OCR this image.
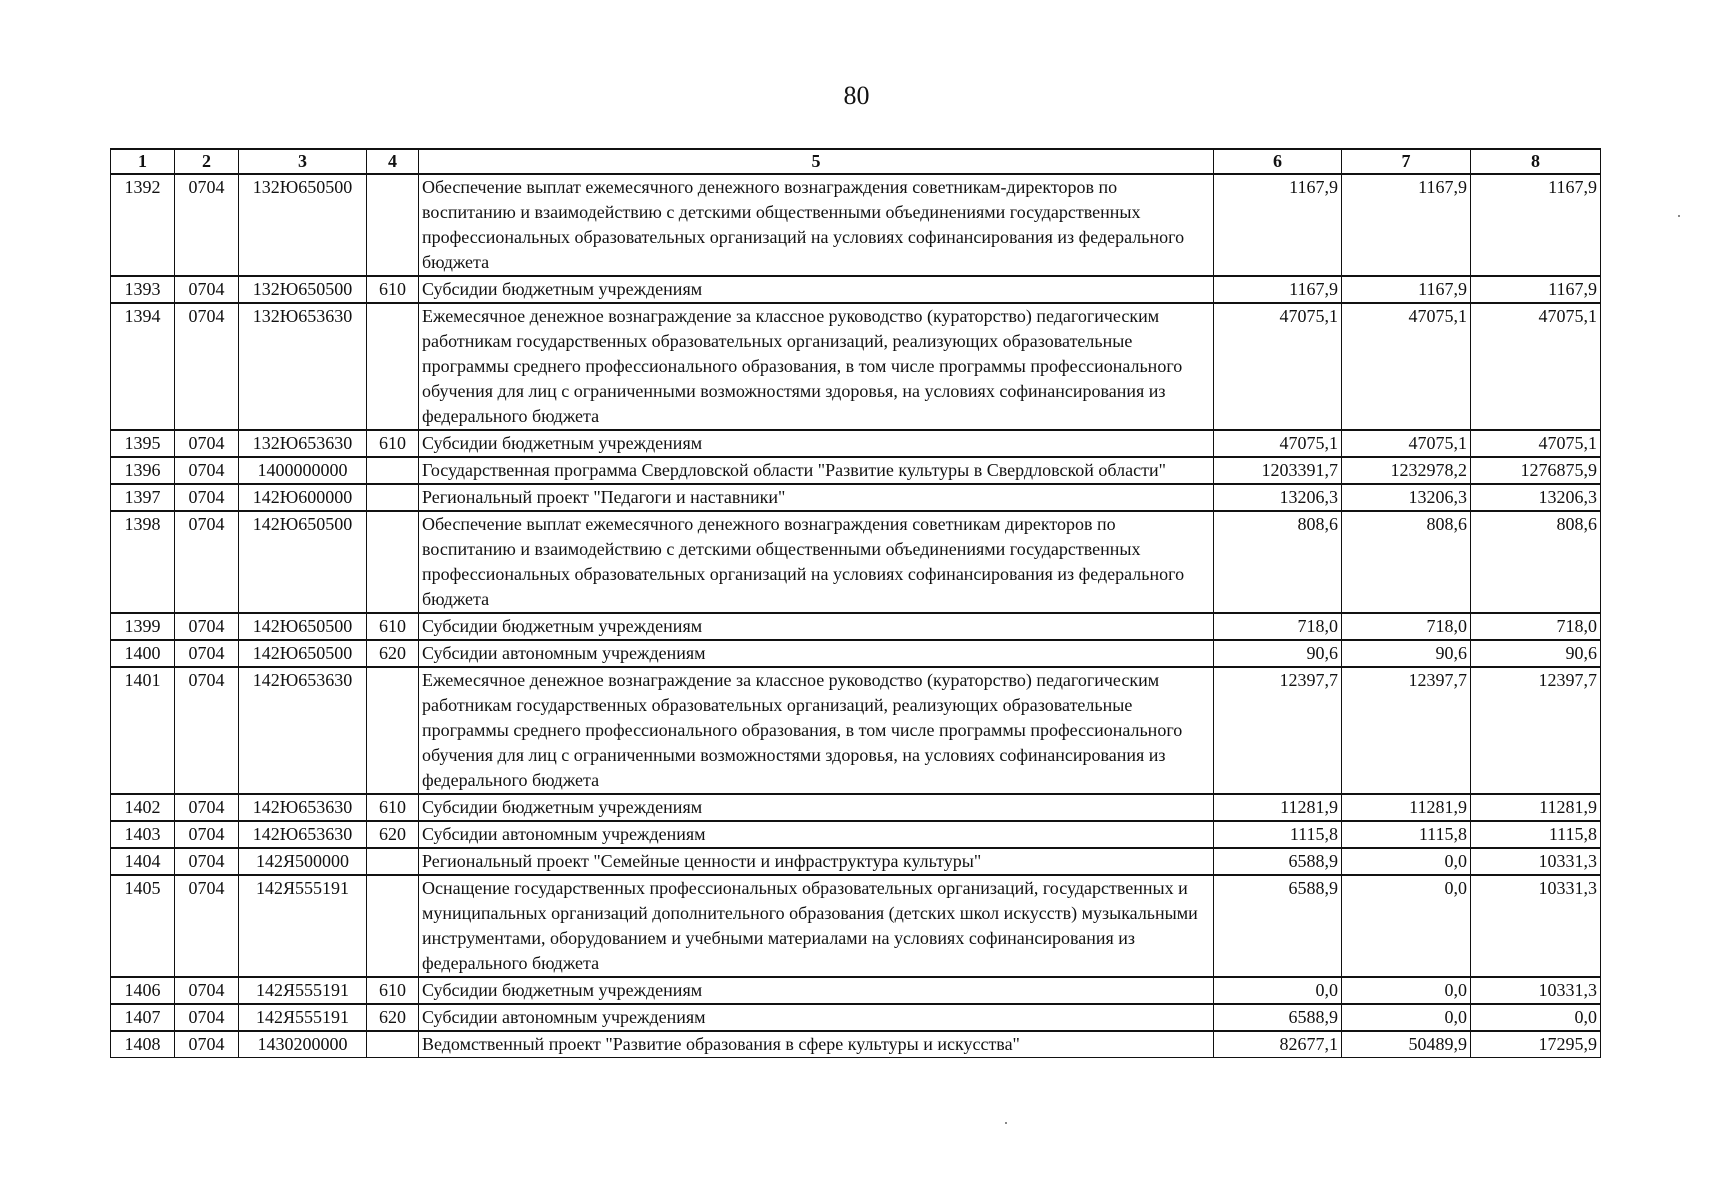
80
1	2	3	4	5	6	7	8
1392	0704	132Ю650500		Обеспечение выплат ежемесячного денежного вознаграждения советникам-директоров по воспитанию и взаимодействию с детскими общественными объединениями государственных профессиональных образовательных организаций на условиях софинансирования из федерального бюджета	1167,9	1167,9	1167,9
1393	0704	132Ю650500	610	Субсидии бюджетным учреждениям	1167,9	1167,9	1167,9
1394	0704	132Ю653630		Ежемесячное денежное вознаграждение за классное руководство (кураторство) педагогическим работникам государственных образовательных организаций, реализующих образовательные программы среднего профессионального образования, в том числе программы профессионального обучения для лиц с ограниченными возможностями здоровья, на условиях софинансирования из федерального бюджета	47075,1	47075,1	47075,1
1395	0704	132Ю653630	610	Субсидии бюджетным учреждениям	47075,1	47075,1	47075,1
1396	0704	1400000000		Государственная программа Свердловской области "Развитие культуры в Свердловской области"	1203391,7	1232978,2	1276875,9
1397	0704	142Ю600000		Региональный проект "Педагоги и наставники"	13206,3	13206,3	13206,3
1398	0704	142Ю650500		Обеспечение выплат ежемесячного денежного вознаграждения советникам директоров по воспитанию и взаимодействию с детскими общественными объединениями государственных профессиональных образовательных организаций на условиях софинансирования из федерального бюджета	808,6	808,6	808,6
1399	0704	142Ю650500	610	Субсидии бюджетным учреждениям	718,0	718,0	718,0
1400	0704	142Ю650500	620	Субсидии автономным учреждениям	90,6	90,6	90,6
1401	0704	142Ю653630		Ежемесячное денежное вознаграждение за классное руководство (кураторство) педагогическим работникам государственных образовательных организаций, реализующих образовательные программы среднего профессионального образования, в том числе программы профессионального обучения для лиц с ограниченными возможностями здоровья, на условиях софинансирования из федерального бюджета	12397,7	12397,7	12397,7
1402	0704	142Ю653630	610	Субсидии бюджетным учреждениям	11281,9	11281,9	11281,9
1403	0704	142Ю653630	620	Субсидии автономным учреждениям	1115,8	1115,8	1115,8
1404	0704	142Я500000		Региональный проект "Семейные ценности и инфраструктура культуры"	6588,9	0,0	10331,3
1405	0704	142Я555191		Оснащение государственных профессиональных образовательных организаций, государственных и муниципальных организаций дополнительного образования (детских школ искусств) музыкальными инструментами, оборудованием и учебными материалами на условиях софинансирования из федерального бюджета	6588,9	0,0	10331,3
1406	0704	142Я555191	610	Субсидии бюджетным учреждениям	0,0	0,0	10331,3
1407	0704	142Я555191	620	Субсидии автономным учреждениям	6588,9	0,0	0,0
1408	0704	1430200000		Ведомственный проект "Развитие образования в сфере культуры и искусства"	82677,1	50489,9	17295,9
